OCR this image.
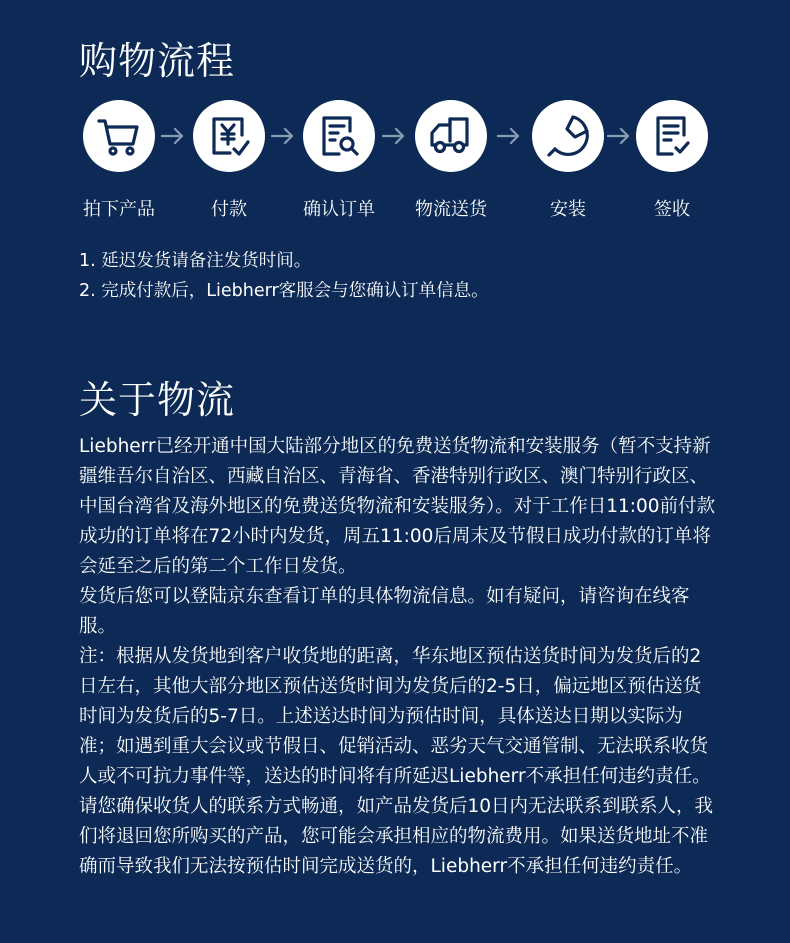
购物流程
拍下产品	付款	确认订单	物流送货	安装	签收

1. 延迟发货请备注发货时间。

2. 完成付款后，Liebherr客服会与您确认订单信息。

关于物流

Liebherr已经开通中国大陆部分地区的免费送货物流和安装服务（暂不支持新疆维吾尔自治区、西藏自治区、青海省、香港特别行政区、澳门特别行政区、中国台湾省及海外地区的免费送货物流和安装服务）。对于工作日11:00前付款成功的订单将在72小时内发货，周五11:00后周末及节假日成功付款的订单将会延至之后的第二个工作日发货。

发货后您可以登陆京东查看订单的具体物流信息。如有疑问，请咨询在线客服。

注：根据从发货地到客户收货地的距离，华东地区预估送货时间为发货后的2日左右，其他大部分地区预估送货时间为发货后的2-5日，偏远地区预估送货时间为发货后的5-7日。上述送达时间为预估时间，具体送达日期以实际为准；如遇到重大会议或节假日、促销活动、恶劣天气交通管制、无法联系收货人或不可抗力事件等，送达的时间将有所延迟Liebherr不承担任何违约责任。请您确保收货人的联系方式畅通，如产品发货后10日内无法联系到联系人，我们将退回您所购买的产品，您可能会承担相应的物流费用。如果送货地址不准确而导致我们无法按预估时间完成送货的，Liebherr不承担任何违约责任。
